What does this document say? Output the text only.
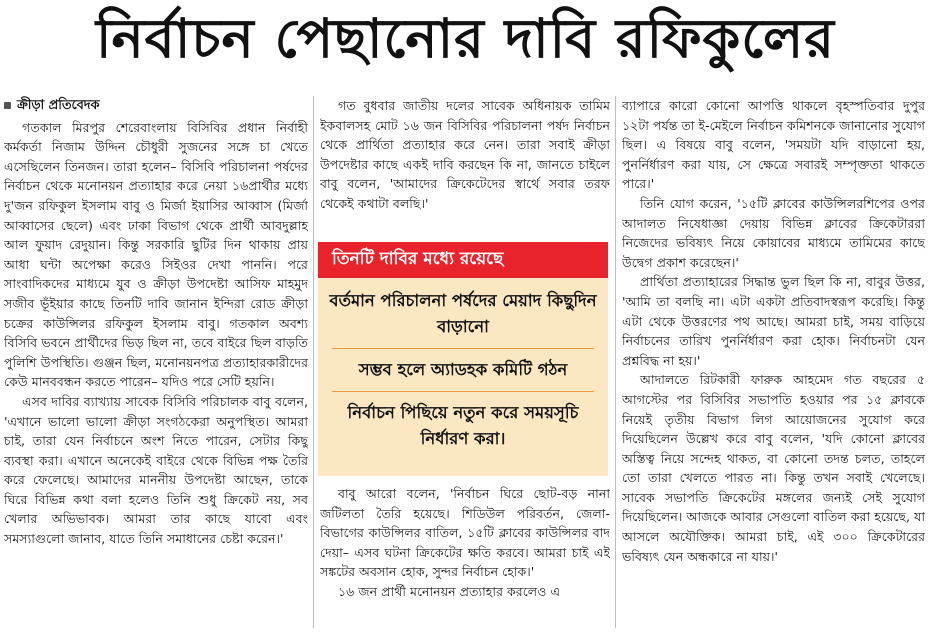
নির্বাচন পেছানোর দাবি রফিকুলের
ক্রীড়া প্রতিবেদক

গতকাল মিরপুর শেরেবাংলায় বিসিবির প্রধান নির্বাহী কর্মকর্তা নিজাম উদ্দিন চৌধুরী সুজনের সঙ্গে চা খেতে এসেছিলেন তিনজন। তারা হলেন– বিসিবি পরিচালনা পর্ষদের নির্বাচন থেকে মনোনয়ন প্রত্যাহার করে নেয়া ১৬প্রার্থীর মধ্যে দু'জন রফিকুল ইসলাম বাবু ও মির্জা ইয়াসির আব্বাস (মির্জা আব্বাসের ছেলে) এবং ঢাকা বিভাগ থেকে প্রার্থী আবদুল্লাহ আল ফুয়াদ রেদুয়ান। কিন্তু সরকারি ছুটির দিন থাকায় প্রায় আধা ঘন্টা অপেক্ষা করেও সিইওর দেখা পাননি। পরে সাংবাদিকদের মাধ্যমে যুব ও ক্রীড়া উপদেষ্টা আসিফ মাহমুদ সজীব ভূঁইয়ার কাছে তিনটি দাবি জানান ইন্দিরা রোড ক্রীড়া চক্রের কাউন্সিলর রফিকুল ইসলাম বাবু। গতকাল অবশ্য বিসিবি ভবনে প্রার্থীদের ভিড় ছিল না, তবে বাইরে ছিল বাড়তি পুলিশি উপস্থিতি। গুঞ্জন ছিল, মনোনয়নপত্র প্রত্যাহারকারীদের কেউ মানববন্ধন করতে পারেন– যদিও পরে সেটি হয়নি।

এসব দাবির ব্যাখ্যায় সাবেক বিসিবি পরিচালক বাবু বলেন, 'এখানে ভালো ভালো ক্রীড়া সংগঠকেরা অনুপস্থিত। আমরা চাই, তারা যেন নির্বাচনে অংশ নিতে পারেন, সেটার কিছু ব্যবস্থা করা। এখানে অনেকেই বাইরে থেকে বিভিন্ন পক্ষ তৈরি করে ফেলেছে। আমাদের মাননীয় উপদেষ্টা আছেন, তাকে ঘিরে বিভিন্ন কথা বলা হলেও তিনি শুধু ক্রিকেট নয়, সব খেলার অভিভাবক। আমরা তার কাছে যাবো এবং সমস্যাগুলো জানাব, যাতে তিনি সমাধানের চেষ্টা করেন।'

গত বুধবার জাতীয় দলের সাবেক অধিনায়ক তামিম ইকবালসহ মোট ১৬ জন বিসিবির পরিচালনা পর্ষদ নির্বাচন থেকে প্রার্থিতা প্রত্যাহার করে নেন। তারা সবাই ক্রীড়া উপদেষ্টার কাছে একই দাবি করছেন কি না, জানতে চাইলে বাবু বলেন, 'আমাদের ক্রিকেটেদের স্বার্থে সবার তরফ থেকেই কথাটা বলছি।'

তিনটি দাবির মধ্যে রয়েছে
বর্তমান পরিচালনা পর্ষদের মেয়াদ কিছুদিন বাড়ানো
সম্ভব হলে অ্যাডহক কমিটি গঠন
নির্বাচন পিছিয়ে নতুন করে সময়সূচি নির্ধারণ করা।

বাবু আরো বলেন, 'নির্বাচন ঘিরে ছোট-বড় নানা জটিলতা তৈরি হয়েছে। শিডিউল পরিবর্তন, জেলা-বিভাগের কাউন্সিলর বাতিল, ১৫টি ক্লাবের কাউন্সিলর বাদ দেয়া– এসব ঘটনা ক্রিকেটের ক্ষতি করবে। আমরা চাই এই সঙ্কটের অবসান হোক, সুন্দর নির্বাচন হোক।'

১৬ জন প্রার্থী মনোনয়ন প্রত্যাহার করলেও এ

ব্যাপারে কারো কোনো আপত্তি থাকলে বৃহস্পতিবার দুপুর ১২টা পর্যন্ত তা ই-মেইলে নির্বাচন কমিশনকে জানানোর সুযোগ ছিল। এ বিষয়ে বাবু বলেন, 'সময়টা যদি বাড়ানো হয়, পুনর্নির্ধারণ করা যায়, সে ক্ষেত্রে সবারই সম্পৃক্ততা থাকতে পারে।'

তিনি যোগ করেন, '১৫টি ক্লাবের কাউন্সিলরশিপের ওপর আদালত নিষেধাজ্ঞা দেয়ায় বিভিন্ন ক্লাবের ক্রিকেটাররা নিজেদের ভবিষ্যৎ নিয়ে কোয়াবের মাধ্যমে তামিমের কাছে উদ্বেগ প্রকাশ করেছেন।'

প্রার্থিতা প্রত্যাহারের সিদ্ধান্ত ভুল ছিল কি না, বাবুর উত্তর, 'আমি তা বলছি না। এটা একটা প্রতিবাদস্বরূপ করেছি। কিন্তু এটা থেকে উত্তরণের পথ আছে। আমরা চাই, সময় বাড়িয়ে নির্বাচনের তারিখ পুনর্নির্ধারণ করা হোক। নির্বাচনটা যেন প্রশ্নবিদ্ধ না হয়।'

আদালতে রিটকারী ফারুক আহমেদ গত বছরের ৫ আগস্টের পর বিসিবির সভাপতি হওয়ার পর ১৫ ক্লাবকে নিয়েই তৃতীয় বিভাগ লিগ আয়োজনের সুযোগ করে দিয়েছিলেন উল্লেখ করে বাবু বলেন, 'যদি কোনো ক্লাবের অস্তিত্ব নিয়ে সন্দেহ থাকত, বা কোনো তদন্ত চলত, তাহলে তো তারা খেলতে পারত না। কিন্তু তখন সবাই খেলেছে। সাবেক সভাপতি ক্রিকেটের মঙ্গলের জন্যই সেই সুযোগ দিয়েছিলেন। আজকে আবার সেগুলো বাতিল করা হয়েছে, যা আসলে অযৌক্তিক। আমরা চাই, এই ৩০০ ক্রিকেটারের ভবিষ্যৎ যেন অন্ধকারে না যায়।'
